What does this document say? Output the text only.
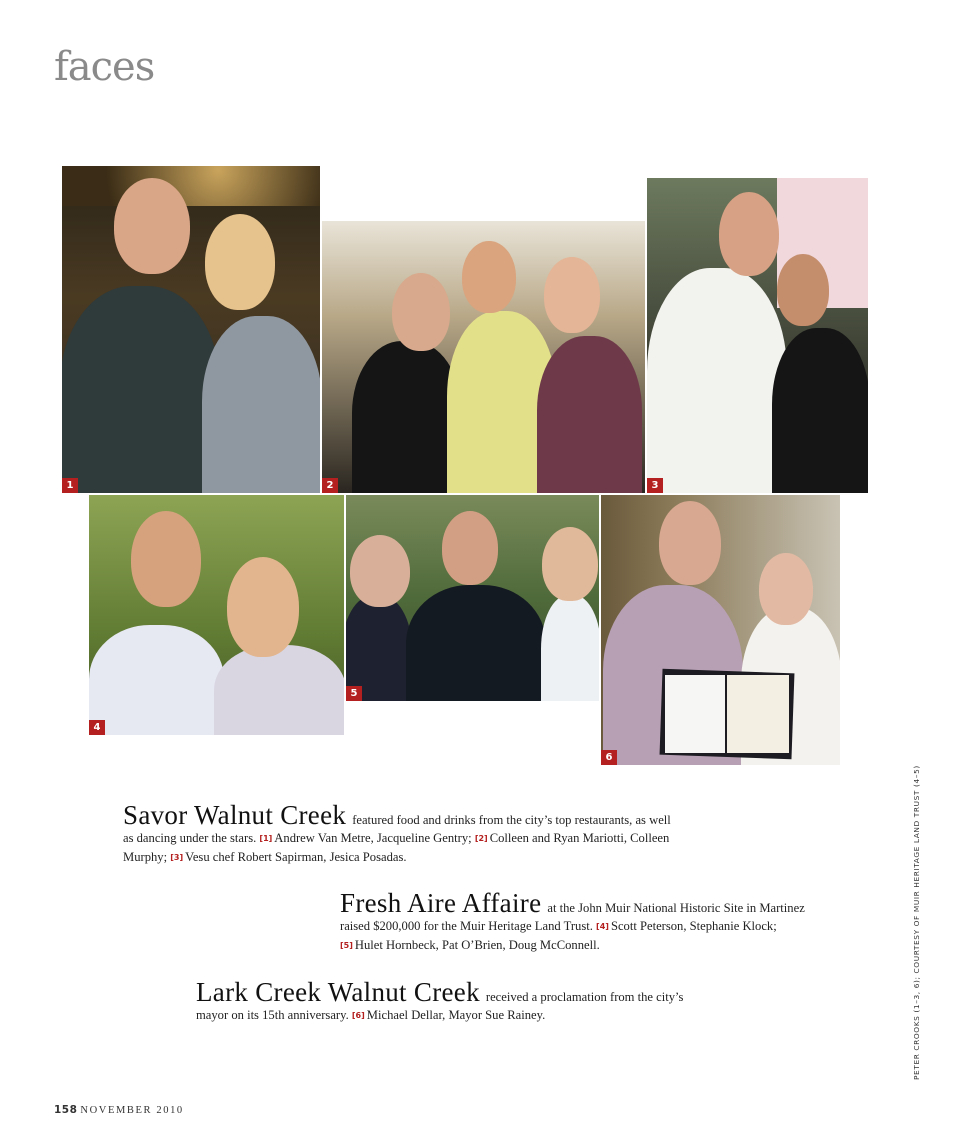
faces
1	2	3
4
5
6

Savor Walnut Creek featured food and drinks from the city’s top restaurants, as well as dancing under the stars. [1] Andrew Van Metre, Jacqueline Gentry; [2] Colleen and Ryan Mariotti, Colleen Murphy; [3] Vesu chef Robert Sapirman, Jesica Posadas.

Fresh Aire Affaire at the John Muir National Historic Site in Martinez raised $200,000 for the Muir Heritage Land Trust. [4] Scott Peterson, Stephanie Klock; [5] Hulet Hornbeck, Pat O’Brien, Doug McConnell.

Lark Creek Walnut Creek received a proclamation from the city’s mayor on its 15th anniversary. [6] Michael Dellar, Mayor Sue Rainey.	PETER CROOKS (1–3, 6); COURTESY OF MUIR HERITAGE LAND TRUST (4–5)
158 NOVEMBER 2010
